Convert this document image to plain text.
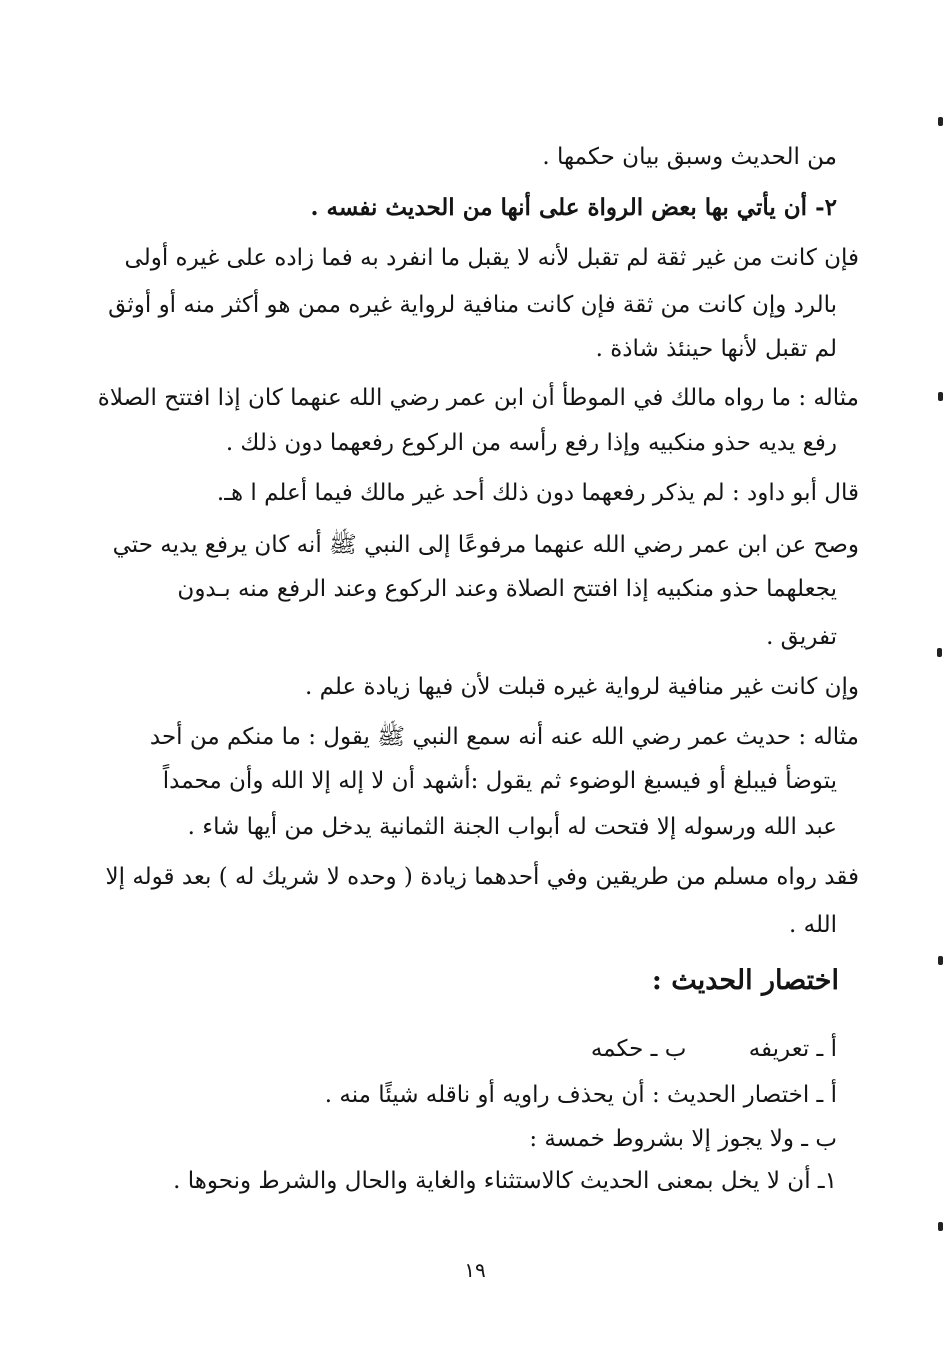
من الحديث وسبق بيان حكمها .
٢- أن يأتي بها بعض الرواة على أنها من الحديث نفسه .
فإن كانت من غير ثقة لم تقبل لأنه لا يقبل ما انفرد به فما زاده على غيره أولى
بالرد وإن كانت من ثقة فإن كانت منافية لرواية غيره ممن هو أكثر منه أو أوثق
لم تقبل لأنها حينئذ شاذة .
مثاله : ما رواه مالك في الموطأ أن ابن عمر رضي الله عنهما كان إذا افتتح الصلاة
رفع يديه حذو منكبيه وإذا رفع رأسه من الركوع رفعهما دون ذلك .
قال أبو داود : لم يذكر رفعهما دون ذلك أحد غير مالك فيما أعلم ا هـ.
وصح عن ابن عمر رضي الله عنهما مرفوعًا إلى النبي ﷺ أنه كان يرفع يديه حتي
يجعلهما حذو منكبيه إذا افتتح الصلاة وعند الركوع وعند الرفع منه بـدون
تفريق .
وإن كانت غير منافية لرواية غيره قبلت لأن فيها زيادة علم .
مثاله : حديث عمر رضي الله عنه أنه سمع النبي ﷺ يقول : ما منكم من أحد
يتوضأ فيبلغ أو فيسبغ الوضوء ثم يقول :أشهد أن لا إله إلا الله وأن محمداً
عبد الله ورسوله إلا فتحت له أبواب الجنة الثمانية يدخل من أيها شاء .
فقد رواه مسلم من طريقين وفي أحدهما زيادة ( وحده لا شريك له ) بعد قوله إلا
الله .
اختصار الحديث :
أ ـ تعريفه ب ـ حكمه
أ ـ اختصار الحديث : أن يحذف راويه أو ناقله شيئًا منه .
ب ـ ولا يجوز إلا بشروط خمسة :
١ـ أن لا يخل بمعنى الحديث كالاستثناء والغاية والحال والشرط ونحوها .
١٩
